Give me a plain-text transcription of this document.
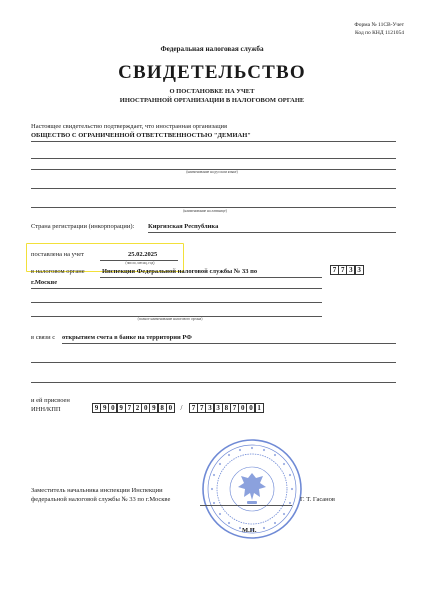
Форма № 11СВ-Учет
Код по КНД 1121054
Федеральная налоговая служба
СВИДЕТЕЛЬСТВО
О ПОСТАНОВКЕ НА УЧЕТ
ИНОСТРАННОЙ ОРГАНИЗАЦИИ В НАЛОГОВОМ ОРГАНЕ
Настоящее свидетельство подтверждает, что иностранная организация
ОБЩЕСТВО С ОГРАНИЧЕННОЙ ОТВЕТСТВЕННОСТЬЮ "ДЕМИАН"
(наименование на русском языке)
(наименование на латинице)
Страна регистрации (инкорпорации): Киргизская Республика
поставлена на учет	25.02.2025
(число, месяц, год)
в налоговом органе	Инспекция Федеральной налоговой службы № 33 по	7 7 3 3
г.Москве
(полное наименование налогового органа)
в связи с открытием счета в банке на территории РФ
и ей присвоен
ИНН/КПП	9 9 0 9 7 2 0 9 8 0	/	7 7 3 3 8 7 0 0 1
Заместитель начальника инспекции Инспекции
федеральной налоговой службы № 33 по г.Москве	Г. Т. Гасанов
М.П.
